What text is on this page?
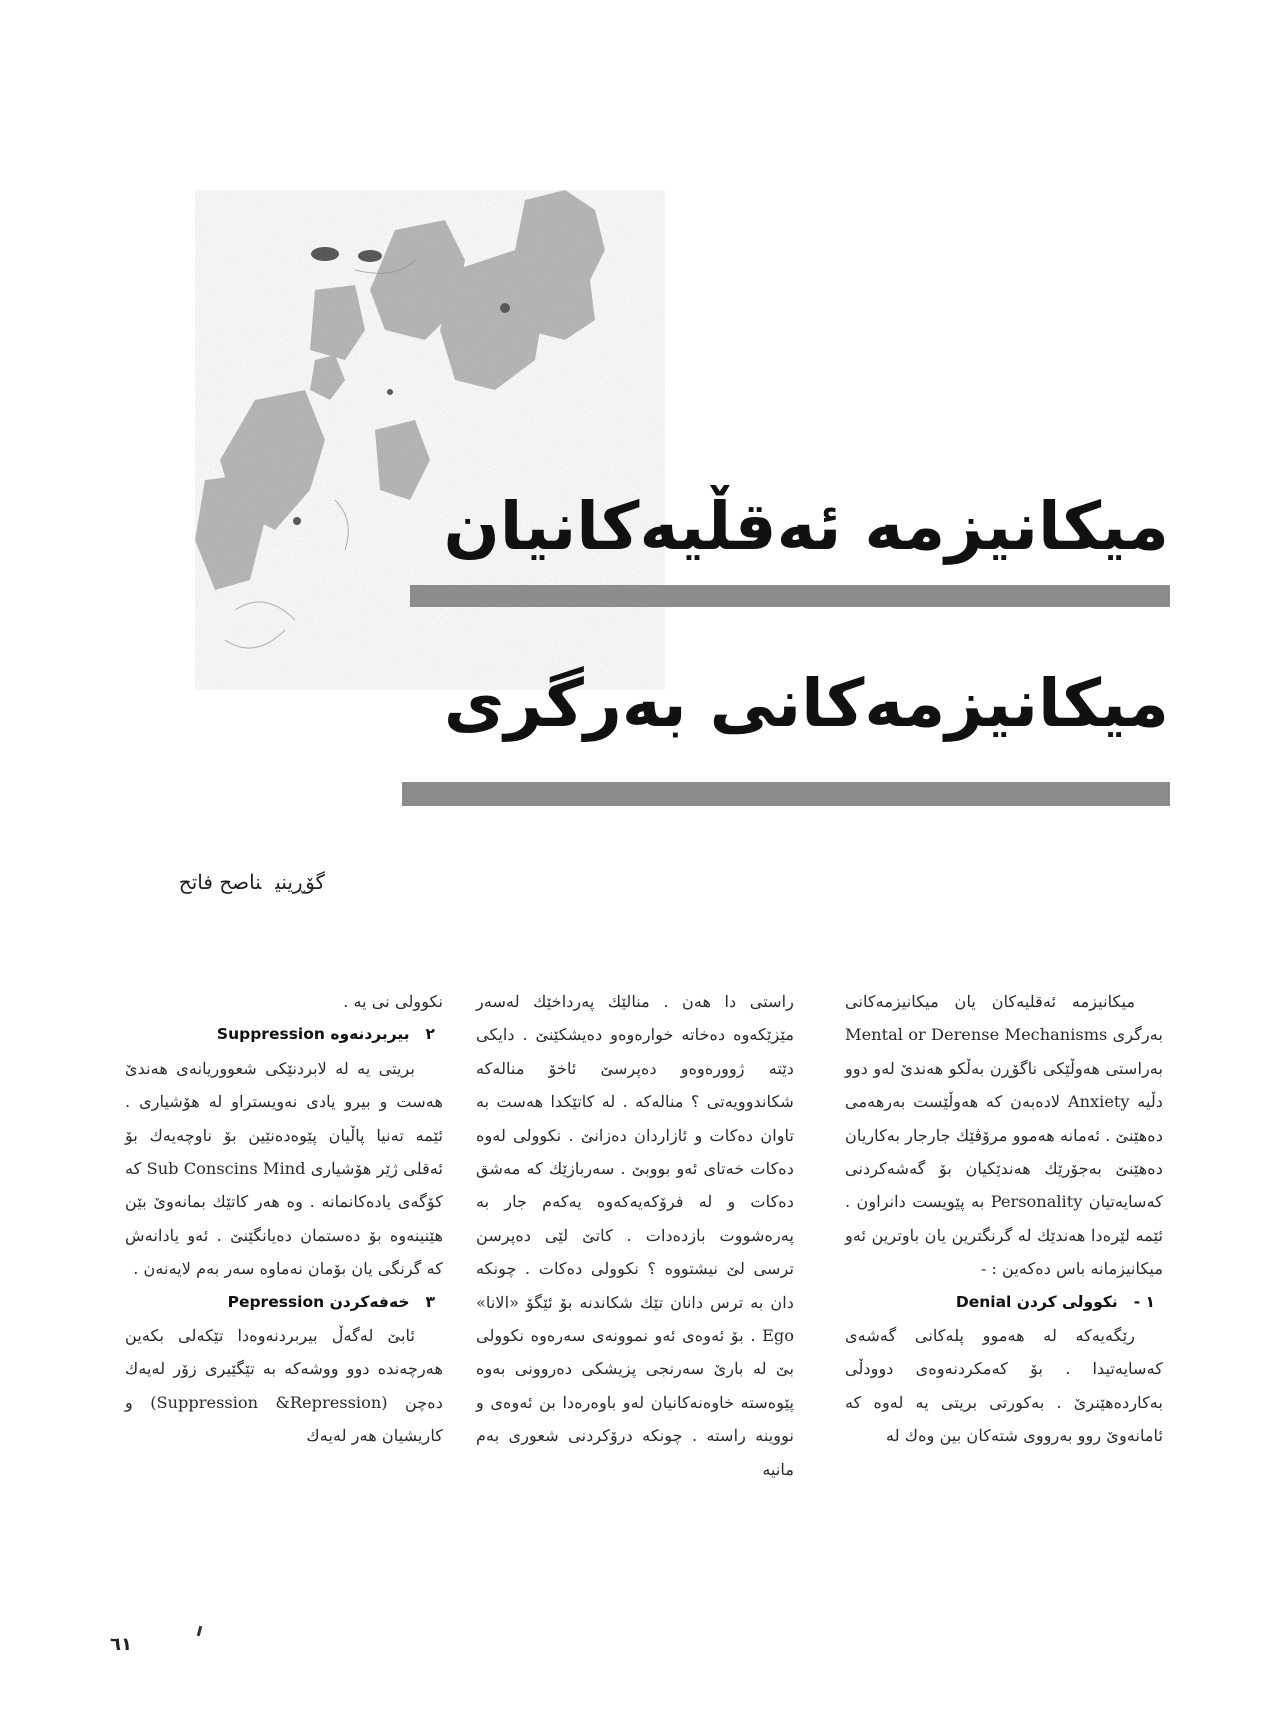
میکانیزمە ئەقڵیەکانیان
میکانیزمەکانی بەرگری
گۆڕینیناصح فاتح

میکانیزمە ئەقلیەکان یان میکانیزمەکانی بەرگری Mental or Derense Mechanisms بەراستی هەوڵێکی ناگۆڕن بەڵکو هەندێ لەو دوو دڵیە Anxiety لادەبەن کە هەوڵێست بەرهەمی دەهێنێ . ئەمانە هەموو مرۆڤێك جارجار بەکاریان دەهێنێ بەجۆرێك هەندێکیان بۆ گەشەکردنی کەسایەتیان Personality بە پێویست دانراون . ئێمە لێرەدا هەندێك لە گرنگترین یان باوترین ئەو میکانیزمانە باس دەکەین : -

١ -نکوولی کردن Denial

رێگەیەکە لە هەموو پلەکانی گەشەی کەسایەتیدا . بۆ کەمکردنەوەی دوودڵی بەکاردەهێنرێ . بەکورتی بریتی یە لەوە کە ئامانەوێ روو بەرووی شتەکان بین وەك لە

راستی دا هەن . منالێك پەرداخێك لەسەر مێزێکەوە دەخاتە خوارەوەو دەیشکێنێ . دایکی دێتە ژوورەوەو دەپرسێ ئاخۆ منالەکە شکاندوویەتی ؟ منالەکە . لە کاتێکدا هەست بە تاوان دەکات و ئازاردان دەزانێ . نکوولی لەوە دەکات خەتای ئەو بووبێ . سەربازێك کە مەشق دەکات و لە فرۆکەیەکەوە یەکەم جار بە پەرەشووت بازدەدات . کاتێ لێی دەپرسن ترسی لێ نیشتووە ؟ نکوولی دەکات . چونکە دان بە ترس دانان تێك شکاندنە بۆ ئێگۆ «الانا» Ego . بۆ ئەوەی ئەو نموونەی سەرەوە نکوولی بێ لە بارێ سەرنجی پزیشکی دەروونی بەوە پێوەستە خاوەنەکانیان لەو باوەرەدا بن ئەوەی و نووینە راستە . چونکە درۆکردنی شعوری بەم مانیە

نکوولی نی یە .

٢بیربردنەوە Suppression

بریتی یە لە لابردنێکی شعووریانەی هەندێ هەست و بیرو یادی نەویستراو لە هۆشیاری . ئێمە تەنیا پاڵیان پێوەدەنێین بۆ ناوچەیەك بۆ ئەقلی ژێر هۆشیاری Sub Conscins Mind کە کۆگەی یادەکانمانە . وە هەر کاتێك بمانەوێ بێن هێنینەوە بۆ دەستمان دەیانگێنێ . ئەو یادانەش کە گرنگی یان بۆمان نەماوە سەر بەم لایەنەن .

٣خەفەکردن Pepression

ئابێ لەگەڵ بیربردنەوەدا تێکەلی بکەین هەرچەندە دوو ووشەکە بە تێگێیری زۆر لەیەك دەچن (Suppression &Repression) و کاریشیان هەر لەیەك

٦١
